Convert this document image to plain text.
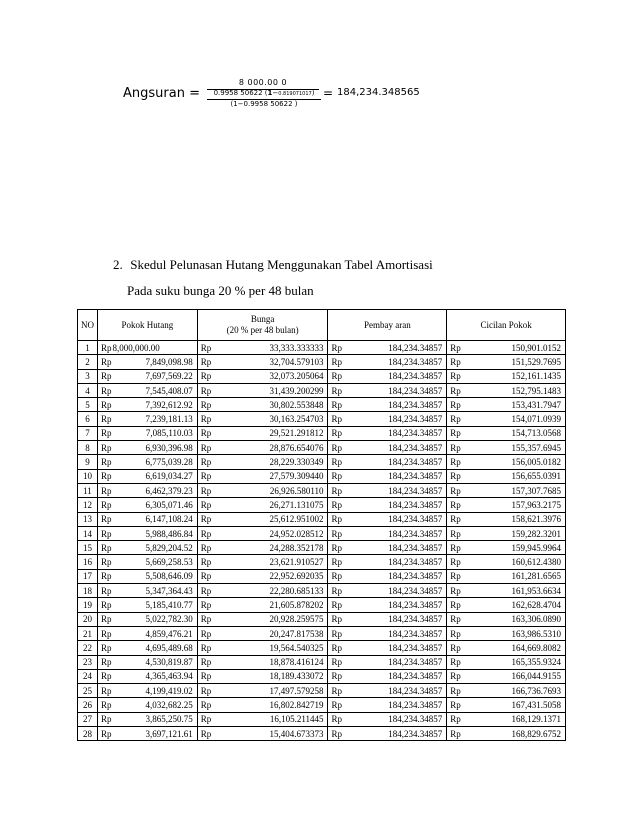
Angsuran =
8 000.00 0
0.9958 50622 (1−0.819071017)
(1−0.9958 50622 )
= 184,234.348565
2. Skedul Pelunasan Hutang Menggunakan Tabel Amortisasi
Pada suku bunga 20 % per 48 bulan
NO	Pokok Hutang	Bunga
(20 % per 48 bulan)	Pembay aran	Cicilan Pokok
1	Rp 8,000,000.00	Rp 33,333.333333	Rp 184,234.34857	Rp 150,901.0152

2	Rp 7,849,098.98	Rp 32,704.579103	Rp 184,234.34857	Rp 151,529.7695

3	Rp 7,697,569.22	Rp 32,073.205064	Rp 184,234.34857	Rp 152,161.1435

4	Rp 7,545,408.07	Rp 31,439.200299	Rp 184,234.34857	Rp 152,795.1483

5	Rp 7,392,612.92	Rp 30,802.553848	Rp 184,234.34857	Rp 153,431.7947

6	Rp 7,239,181.13	Rp 30,163.254703	Rp 184,234.34857	Rp 154,071.0939

7	Rp 7,085,110.03	Rp 29,521.291812	Rp 184,234.34857	Rp 154,713.0568

8	Rp 6,930,396.98	Rp 28,876.654076	Rp 184,234.34857	Rp 155,357.6945

9	Rp 6,775,039.28	Rp 28,229.330349	Rp 184,234.34857	Rp 156,005.0182

10	Rp 6,619,034.27	Rp 27,579.309440	Rp 184,234.34857	Rp 156,655.0391

11	Rp 6,462,379.23	Rp 26,926.580110	Rp 184,234.34857	Rp 157,307.7685

12	Rp 6,305,071.46	Rp 26,271.131075	Rp 184,234.34857	Rp 157,963.2175

13	Rp 6,147,108.24	Rp 25,612.951002	Rp 184,234.34857	Rp 158,621.3976

14	Rp 5,988,486.84	Rp 24,952.028512	Rp 184,234.34857	Rp 159,282.3201

15	Rp 5,829,204.52	Rp 24,288.352178	Rp 184,234.34857	Rp 159,945.9964

16	Rp 5,669,258.53	Rp 23,621.910527	Rp 184,234.34857	Rp 160,612.4380

17	Rp 5,508,646.09	Rp 22,952.692035	Rp 184,234.34857	Rp 161,281.6565

18	Rp 5,347,364.43	Rp 22,280.685133	Rp 184,234.34857	Rp 161,953.6634

19	Rp 5,185,410.77	Rp 21,605.878202	Rp 184,234.34857	Rp 162,628.4704

20	Rp 5,022,782.30	Rp 20,928.259575	Rp 184,234.34857	Rp 163,306.0890

21	Rp 4,859,476.21	Rp 20,247.817538	Rp 184,234.34857	Rp 163,986.5310

22	Rp 4,695,489.68	Rp 19,564.540325	Rp 184,234.34857	Rp 164,669.8082

23	Rp 4,530,819.87	Rp 18,878.416124	Rp 184,234.34857	Rp 165,355.9324

24	Rp 4,365,463.94	Rp 18,189.433072	Rp 184,234.34857	Rp 166,044.9155

25	Rp 4,199,419.02	Rp 17,497.579258	Rp 184,234.34857	Rp 166,736.7693

26	Rp 4,032,682.25	Rp 16,802.842719	Rp 184,234.34857	Rp 167,431.5058

27	Rp 3,865,250.75	Rp 16,105.211445	Rp 184,234.34857	Rp 168,129.1371

28	Rp 3,697,121.61	Rp 15,404.673373	Rp 184,234.34857	Rp 168,829.6752
